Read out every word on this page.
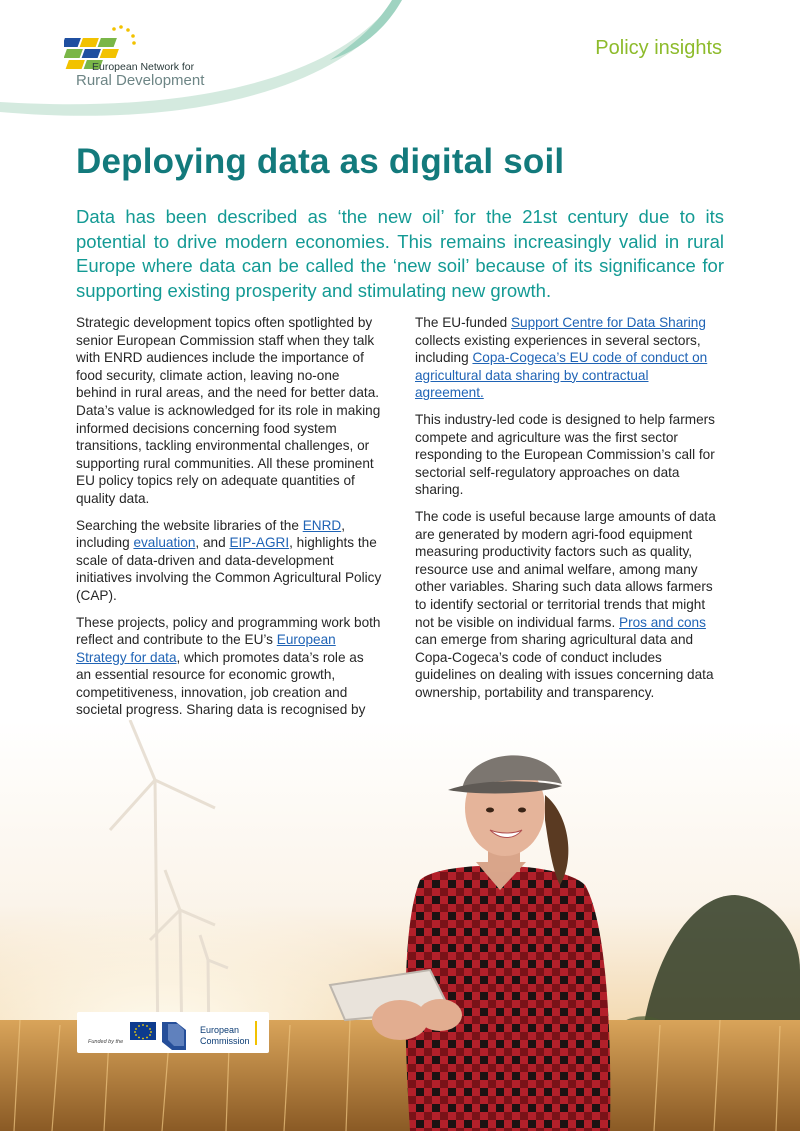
European Network for
Rural Development
Policy insights
Deploying data as digital soil

Data has been described as ‘the new oil’ for the 21st century due to its potential to drive modern economies. This remains increasingly valid in rural Europe where data can be called the ‘new soil’ because of its significance for supporting existing prosperity and stimulating new growth.

Strategic development topics often spotlighted by senior European Commission staff when they talk with ENRD audiences include the importance of food security, climate action, leaving no-one behind in rural areas, and the need for better data. Data’s value is acknowledged for its role in making informed decisions concerning food system transitions, tackling environmental challenges, or supporting rural communities. All these prominent EU policy topics rely on adequate quantities of quality data.

Searching the website libraries of the ENRD, including evaluation, and EIP-AGRI, highlights the scale of data-driven and data-development initiatives involving the Common Agricultural Policy (CAP).

These projects, policy and programming work both reflect and contribute to the EU’s European Strategy for data, which promotes data’s role as an essential resource for economic growth, competitiveness, innovation, job creation and societal progress. Sharing data is recognised by

The EU-funded Support Centre for Data Sharing collects existing experiences in several sectors, including Copa-Cogeca’s EU code of conduct on agricultural data sharing by contractual agreement.

This industry-led code is designed to help farmers compete and agriculture was the first sector responding to the European Commission’s call for sectorial self-regulatory approaches on data sharing.

The code is useful because large amounts of data are generated by modern agri-food equipment measuring productivity factors such as quality, resource use and animal welfare, among many other variables. Sharing such data allows farmers to identify sectorial or territorial trends that might not be visible on individual farms. Pros and cons can emerge from sharing agricultural data and Copa-Cogeca’s code of conduct includes guidelines on dealing with issues concerning data ownership, portability and transparency.

Funded by the
European
Commission
